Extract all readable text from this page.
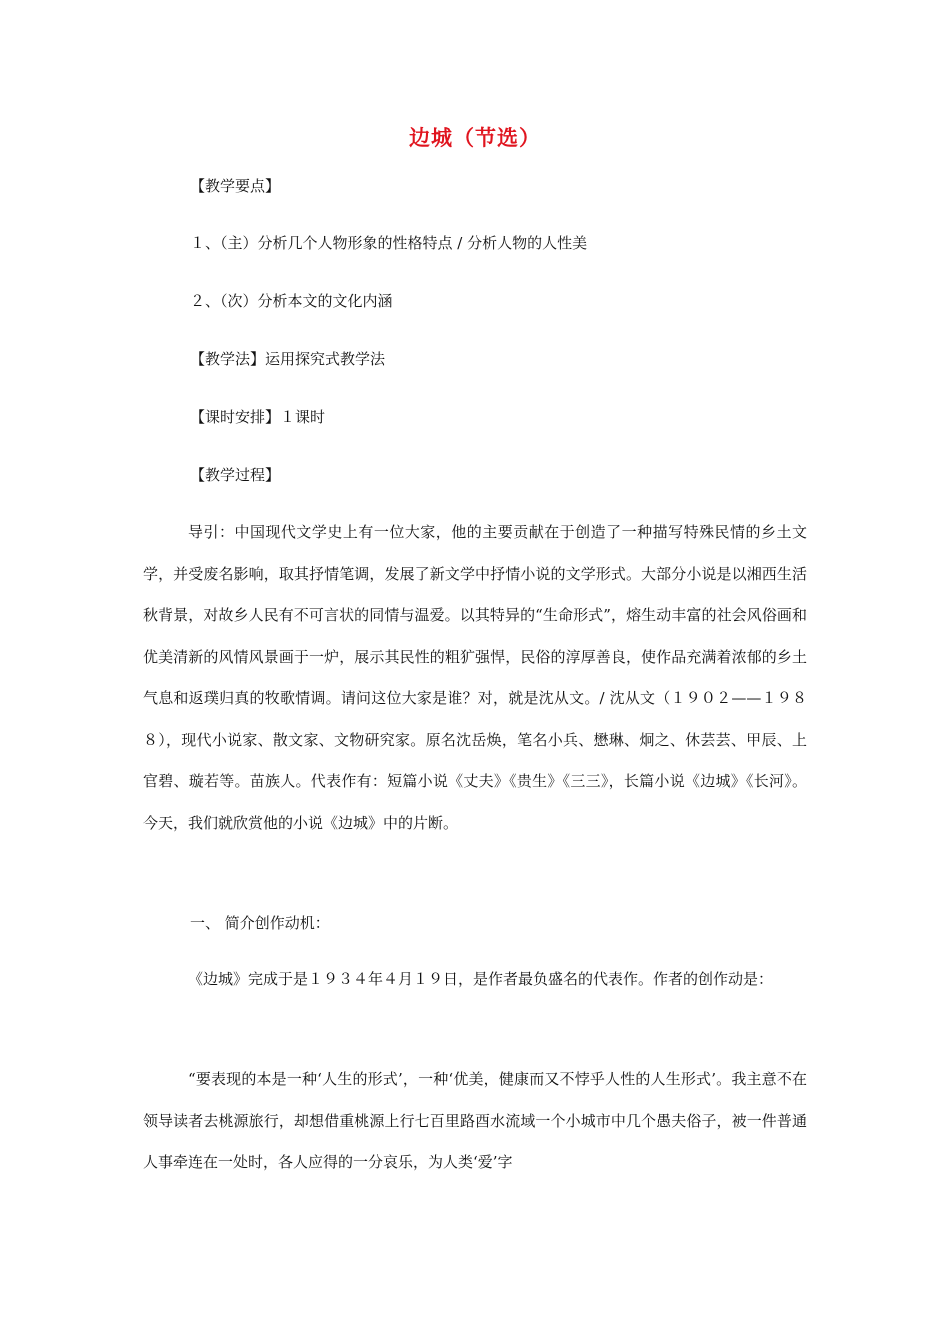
边城（节选）
【教学要点】
１、（主）分析几个人物形象的性格特点 / 分析人物的人性美
２、（次）分析本文的文化内涵
【教学法】运用探究式教学法
【课时安排】１课时
【教学过程】

导引：中国现代文学史上有一位大家，他的主要贡献在于创造了一种描写特殊民情的乡土文学，并受废名影响，取其抒情笔调，发展了新文学中抒情小说的文学形式。大部分小说是以湘西生活秋背景，对故乡人民有不可言状的同情与温爱。以其特异的“生命形式”，熔生动丰富的社会风俗画和优美清新的风情风景画于一炉，展示其民性的粗犷强悍，民俗的淳厚善良，使作品充满着浓郁的乡土气息和返璞归真的牧歌情调。请问这位大家是谁？对，就是沈从文。/ 沈从文（１９０２——１９８８），现代小说家、散文家、文物研究家。原名沈岳焕，笔名小兵、懋琳、炯之、休芸芸、甲辰、上官碧、璇若等。苗族人。代表作有：短篇小说《丈夫》《贵生》《三三》，长篇小说《边城》《长河》。今天，我们就欣赏他的小说《边城》中的片断。

一、 简介创作动机：

《边城》完成于是１９３４年４月１９日，是作者最负盛名的代表作。作者的创作动是：

“要表现的本是一种‘人生的形式’，一种‘优美，健康而又不悖乎人性的人生形式’。我主意不在领导读者去桃源旅行，却想借重桃源上行七百里路酉水流域一个小城市中几个愚夫俗子，被一件普通人事牵连在一处时，各人应得的一分哀乐，为人类‘爱’字
